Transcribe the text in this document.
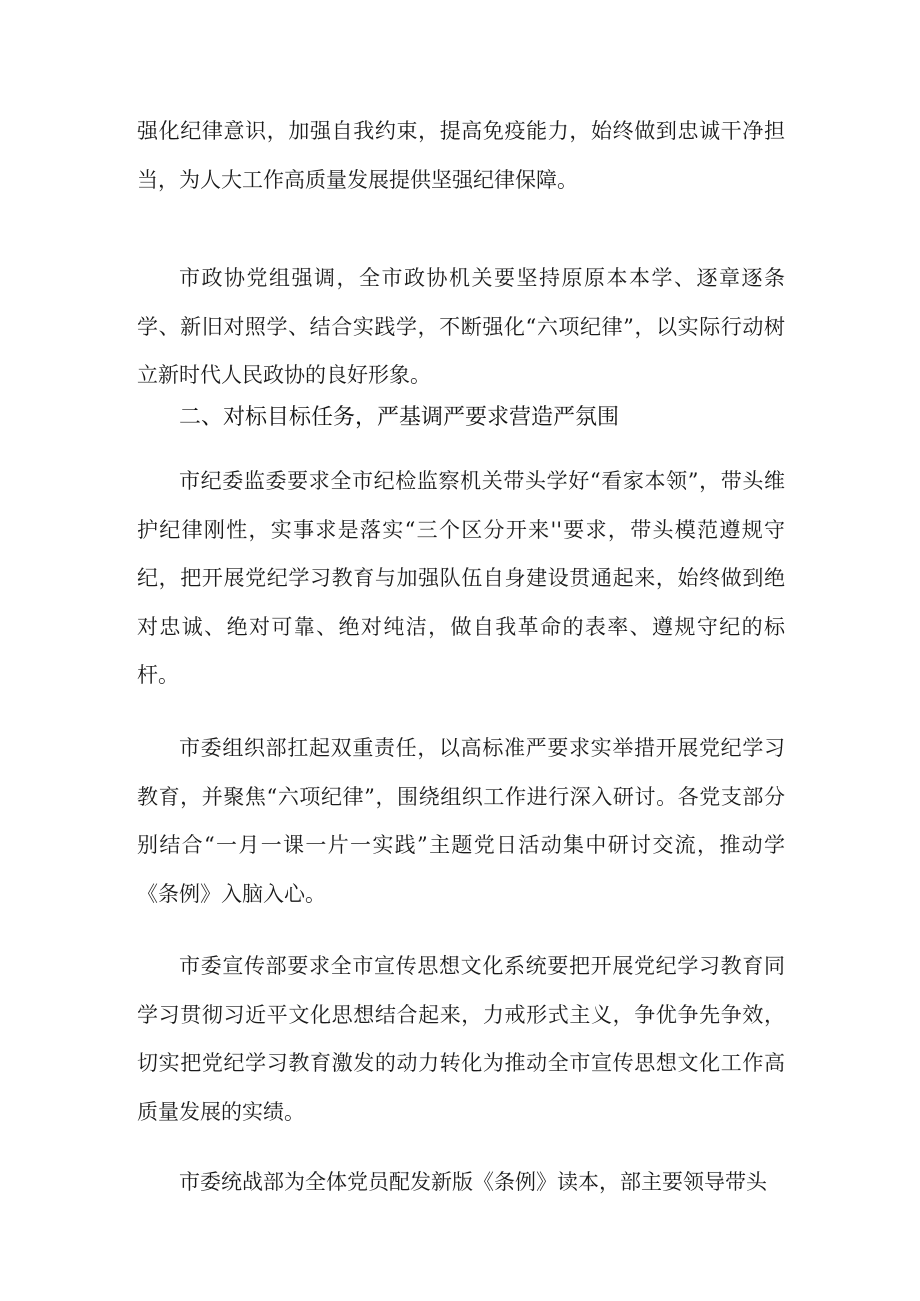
强化纪律意识，加强自我约束，提高免疫能力，始终做到忠诚干净担当，为人大工作高质量发展提供坚强纪律保障。

市政协党组强调，全市政协机关要坚持原原本本学、逐章逐条学、新旧对照学、结合实践学，不断强化“六项纪律”，以实际行动树立新时代人民政协的良好形象。

二、对标目标任务，严基调严要求营造严氛围

市纪委监委要求全市纪检监察机关带头学好“看家本领”，带头维护纪律刚性，实事求是落实“三个区分开来''要求，带头模范遵规守纪，把开展党纪学习教育与加强队伍自身建设贯通起来，始终做到绝对忠诚、绝对可靠、绝对纯洁，做自我革命的表率、遵规守纪的标杆。

市委组织部扛起双重责任，以高标准严要求实举措开展党纪学习教育，并聚焦“六项纪律”，围绕组织工作进行深入研讨。各党支部分别结合“一月一课一片一实践”主题党日活动集中研讨交流，推动学《条例》入脑入心。

市委宣传部要求全市宣传思想文化系统要把开展党纪学习教育同学习贯彻习近平文化思想结合起来，力戒形式主义，争优争先争效，切实把党纪学习教育激发的动力转化为推动全市宣传思想文化工作高质量发展的实绩。

市委统战部为全体党员配发新版《条例》读本，部主要领导带头
